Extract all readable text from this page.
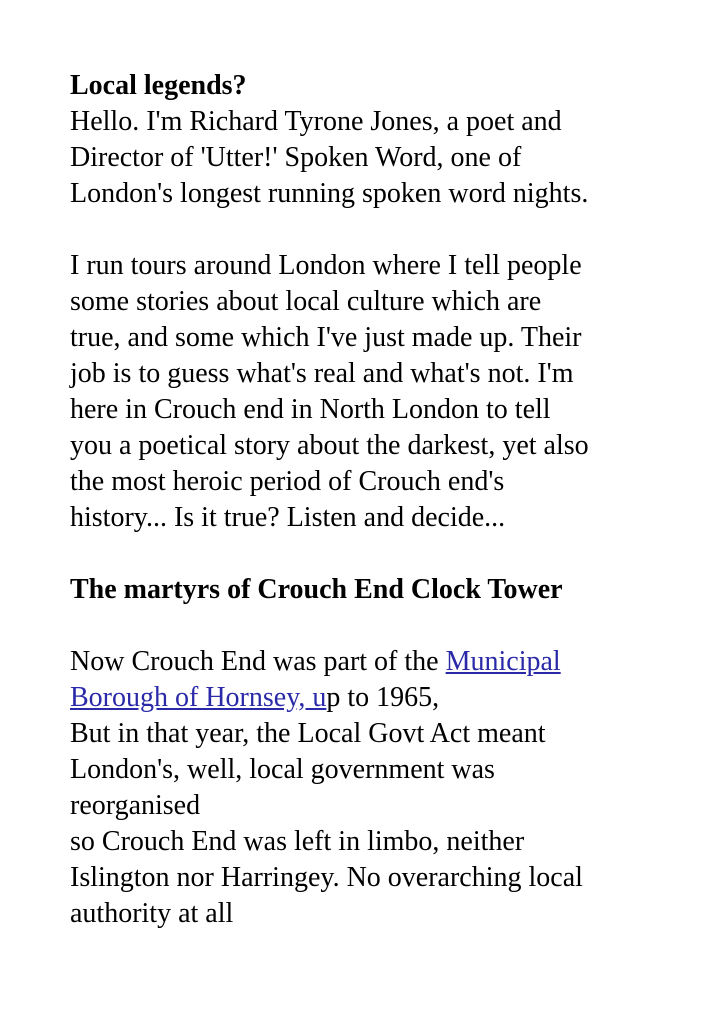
Local legends?
Hello. I'm Richard Tyrone Jones, a poet and
Director of 'Utter!' Spoken Word, one of
London's longest running spoken word nights.
I run tours around London where I tell people
some stories about local culture which are
true, and some which I've just made up. Their
job is to guess what's real and what's not. I'm
here in Crouch end in North London to tell
you a poetical story about the darkest, yet also
the most heroic period of Crouch end's
history... Is it true? Listen and decide...
The martyrs of Crouch End Clock Tower
Now Crouch End was part of the Municipal
Borough of Hornsey, up to 1965,
But in that year, the Local Govt Act meant
London's, well, local government was
reorganised
so Crouch End was left in limbo, neither
Islington nor Harringey. No overarching local
authority at all
